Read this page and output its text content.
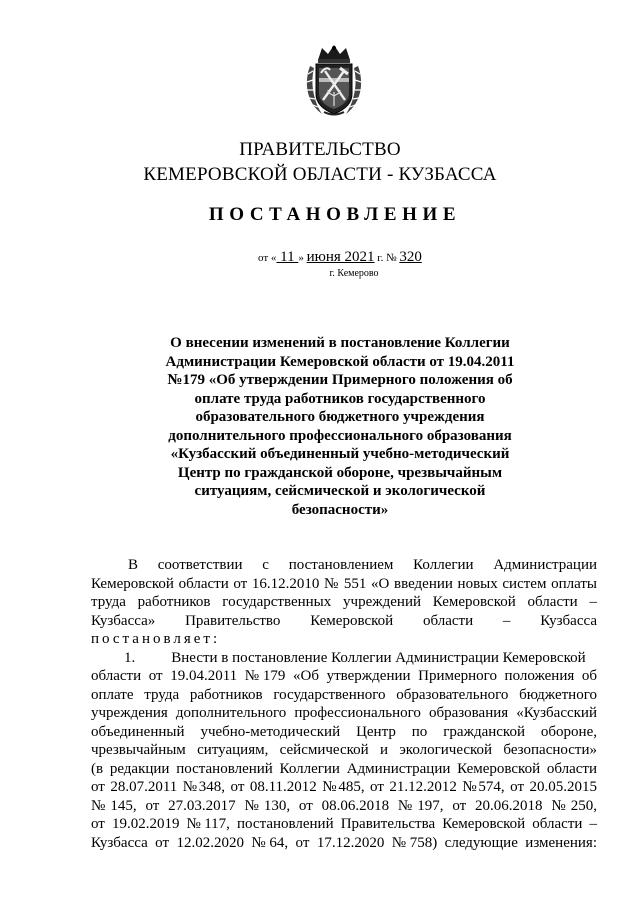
ПРАВИТЕЛЬСТВО
КЕМЕРОВСКОЙ ОБЛАСТИ - КУЗБАССА
ПОСТАНОВЛЕНИЕ
от « 11 » июня 2021 г. № 320
г. Кемерово
О внесении изменений в постановление Коллегии
Администрации Кемеровской области от 19.04.2011
№179 «Об утверждении Примерного положения об
оплате труда работников государственного
образовательного бюджетного учреждения
дополнительного профессионального образования
«Кузбасский объединенный учебно-методический
Центр по гражданской обороне, чрезвычайным
ситуациям, сейсмической и экологической
безопасности»
В соответствии с постановлением Коллегии Администрации
Кемеровской области от 16.12.2010 № 551 «О введении новых систем оплаты
труда работников государственных учреждений Кемеровской области –
Кузбасса» Правительство Кемеровской области – Кузбасса
постановляет:
1. Внести в постановление Коллегии Администрации Кемеровской
области от 19.04.2011 №179 «Об утверждении Примерного положения об
оплате труда работников государственного образовательного бюджетного
учреждения дополнительного профессионального образования «Кузбасский
объединенный учебно-методический Центр по гражданской обороне,
чрезвычайным ситуациям, сейсмической и экологической безопасности»
(в редакции постановлений Коллегии Администрации Кемеровской области
от 28.07.2011 №348, от 08.11.2012 №485, от 21.12.2012 №574, от 20.05.2015
№145, от 27.03.2017 №130, от 08.06.2018 №197, от 20.06.2018 №250,
от 19.02.2019 №117, постановлений Правительства Кемеровской области –
Кузбасса от 12.02.2020 №64, от 17.12.2020 №758) следующие изменения:
